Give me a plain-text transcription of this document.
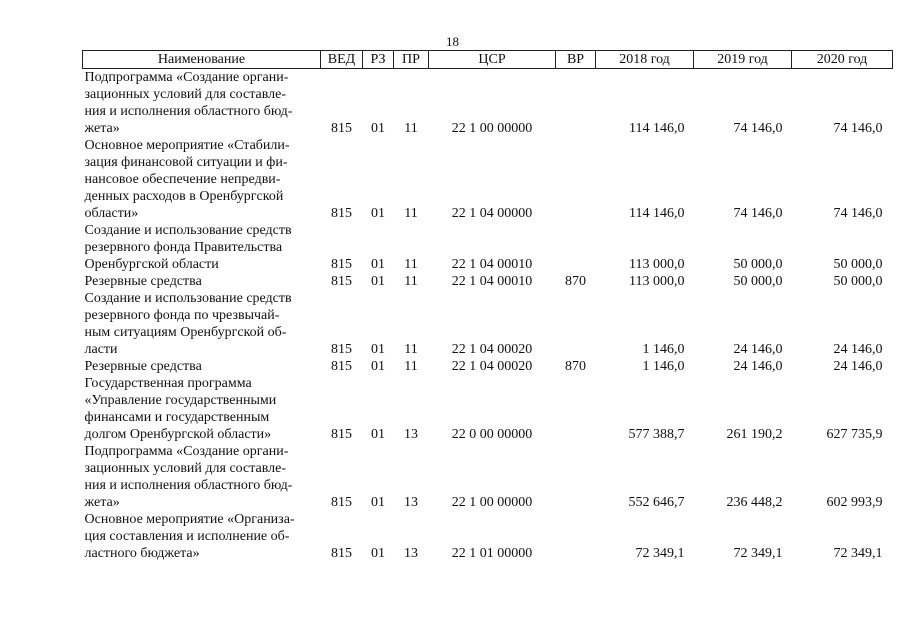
18
Наименование	ВЕД	РЗ	ПР	ЦСР	ВР	2018 год	2019 год	2020 год

Подпрограмма «Создание органи-
зационных условий для составле-
ния и исполнения областного бюд-
жета»	815	01	11	22 1 00 00000		114 146,0	74 146,0	74 146,0

Основное мероприятие «Стабили-
зация финансовой ситуации и фи-
нансовое обеспечение непредви-
денных расходов в Оренбургской
области»	815	01	11	22 1 04 00000		114 146,0	74 146,0	74 146,0

Создание и использование средств
резервного фонда Правительства
Оренбургской области	815	01	11	22 1 04 00010		113 000,0	50 000,0	50 000,0

Резервные средства	815	01	11	22 1 04 00010	870	113 000,0	50 000,0	50 000,0

Создание и использование средств
резервного фонда по чрезвычай-
ным ситуациям Оренбургской об-
ласти	815	01	11	22 1 04 00020		1 146,0	24 146,0	24 146,0

Резервные средства	815	01	11	22 1 04 00020	870	1 146,0	24 146,0	24 146,0

Государственная программа
«Управление государственными
финансами и государственным
долгом Оренбургской области»	815	01	13	22 0 00 00000		577 388,7	261 190,2	627 735,9

Подпрограмма «Создание органи-
зационных условий для составле-
ния и исполнения областного бюд-
жета»	815	01	13	22 1 00 00000		552 646,7	236 448,2	602 993,9

Основное мероприятие «Организа-
ция составления и исполнение об-
ластного бюджета»	815	01	13	22 1 01 00000		72 349,1	72 349,1	72 349,1
